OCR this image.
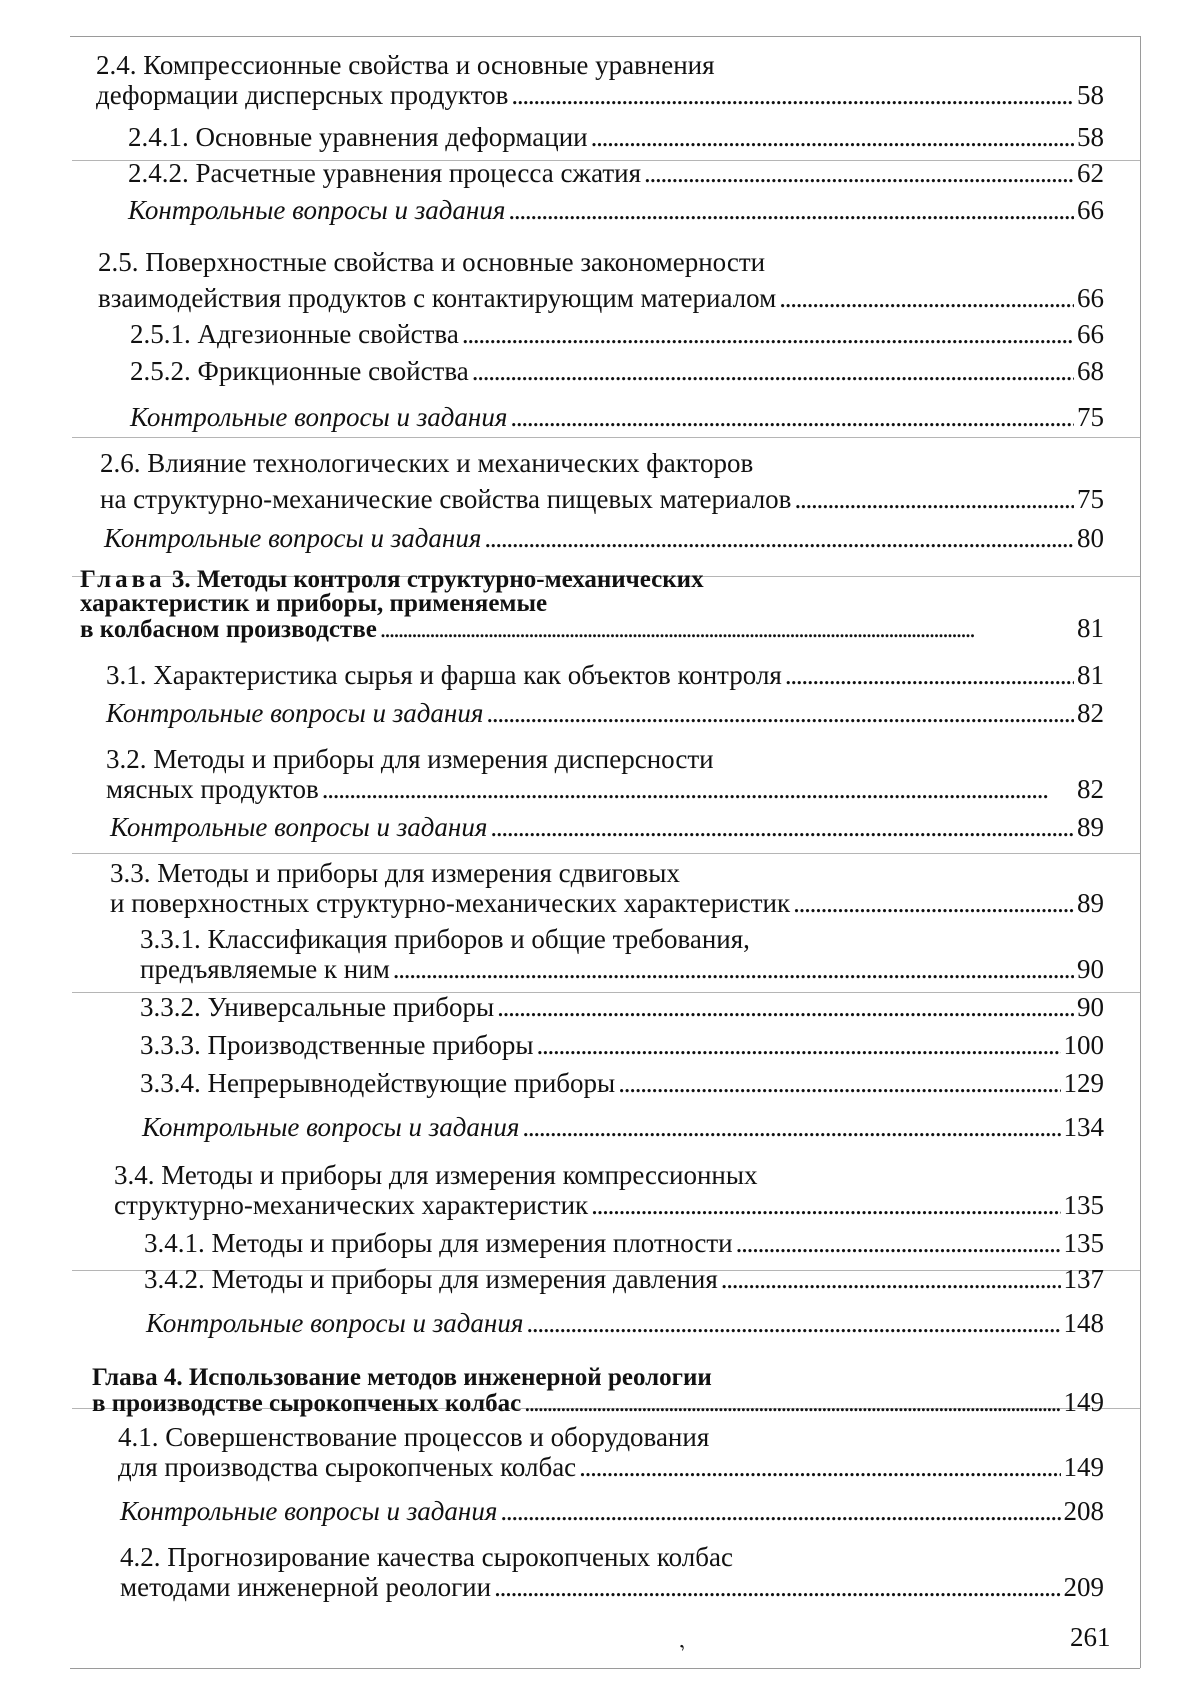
2.4. Компрессионные свойства и основные уравнения
деформации дисперсных продуктов . . .	58
2.4.1. Основные уравнения деформации . . .	58
2.4.2. Расчетные уравнения процесса сжатия . . .	62
Контрольные вопросы и задания . . .	66
2.5. Поверхностные свойства и основные закономерности
взаимодействия продуктов с контактирующим материалом . . .	66
2.5.1. Адгезионные свойства . . .	66
2.5.2. Фрикционные свойства . . .	68
Контрольные вопросы и задания . . .	75
2.6. Влияние технологических и механических факторов
на структурно-механические свойства пищевых материалов . . .	75
Контрольные вопросы и задания . . .	80
Глава 3. Методы контроля структурно-механических
характеристик и приборы, применяемые
в колбасном производстве . . .	81
3.1. Характеристика сырья и фарша как объектов контроля . . .	81
Контрольные вопросы и задания . . .	82
3.2. Методы и приборы для измерения дисперсности
мясных продуктов . . .	82
Контрольные вопросы и задания . . .	89
3.3. Методы и приборы для измерения сдвиговых
и поверхностных структурно-механических характеристик . . .	89
3.3.1. Классификация приборов и общие требования,
предъявляемые к ним . . .	90
3.3.2. Универсальные приборы . . .	90
3.3.3. Производственные приборы . . .	100
3.3.4. Непрерывнодействующие приборы . . .	129
Контрольные вопросы и задания . . .	134
3.4. Методы и приборы для измерения компрессионных
структурно-механических характеристик . . .	135
3.4.1. Методы и приборы для измерения плотности . . .	135
3.4.2. Методы и приборы для измерения давления . . .	137
Контрольные вопросы и задания . . .	148
Глава 4. Использование методов инженерной реологии
в производстве сырокопченых колбас . . .	149
4.1. Совершенствование процессов и оборудования
для производства сырокопченых колбас . . .	149
Контрольные вопросы и задания . . .	208
4.2. Прогнозирование качества сырокопченых колбас
методами инженерной реологии . . .	209
,	261
